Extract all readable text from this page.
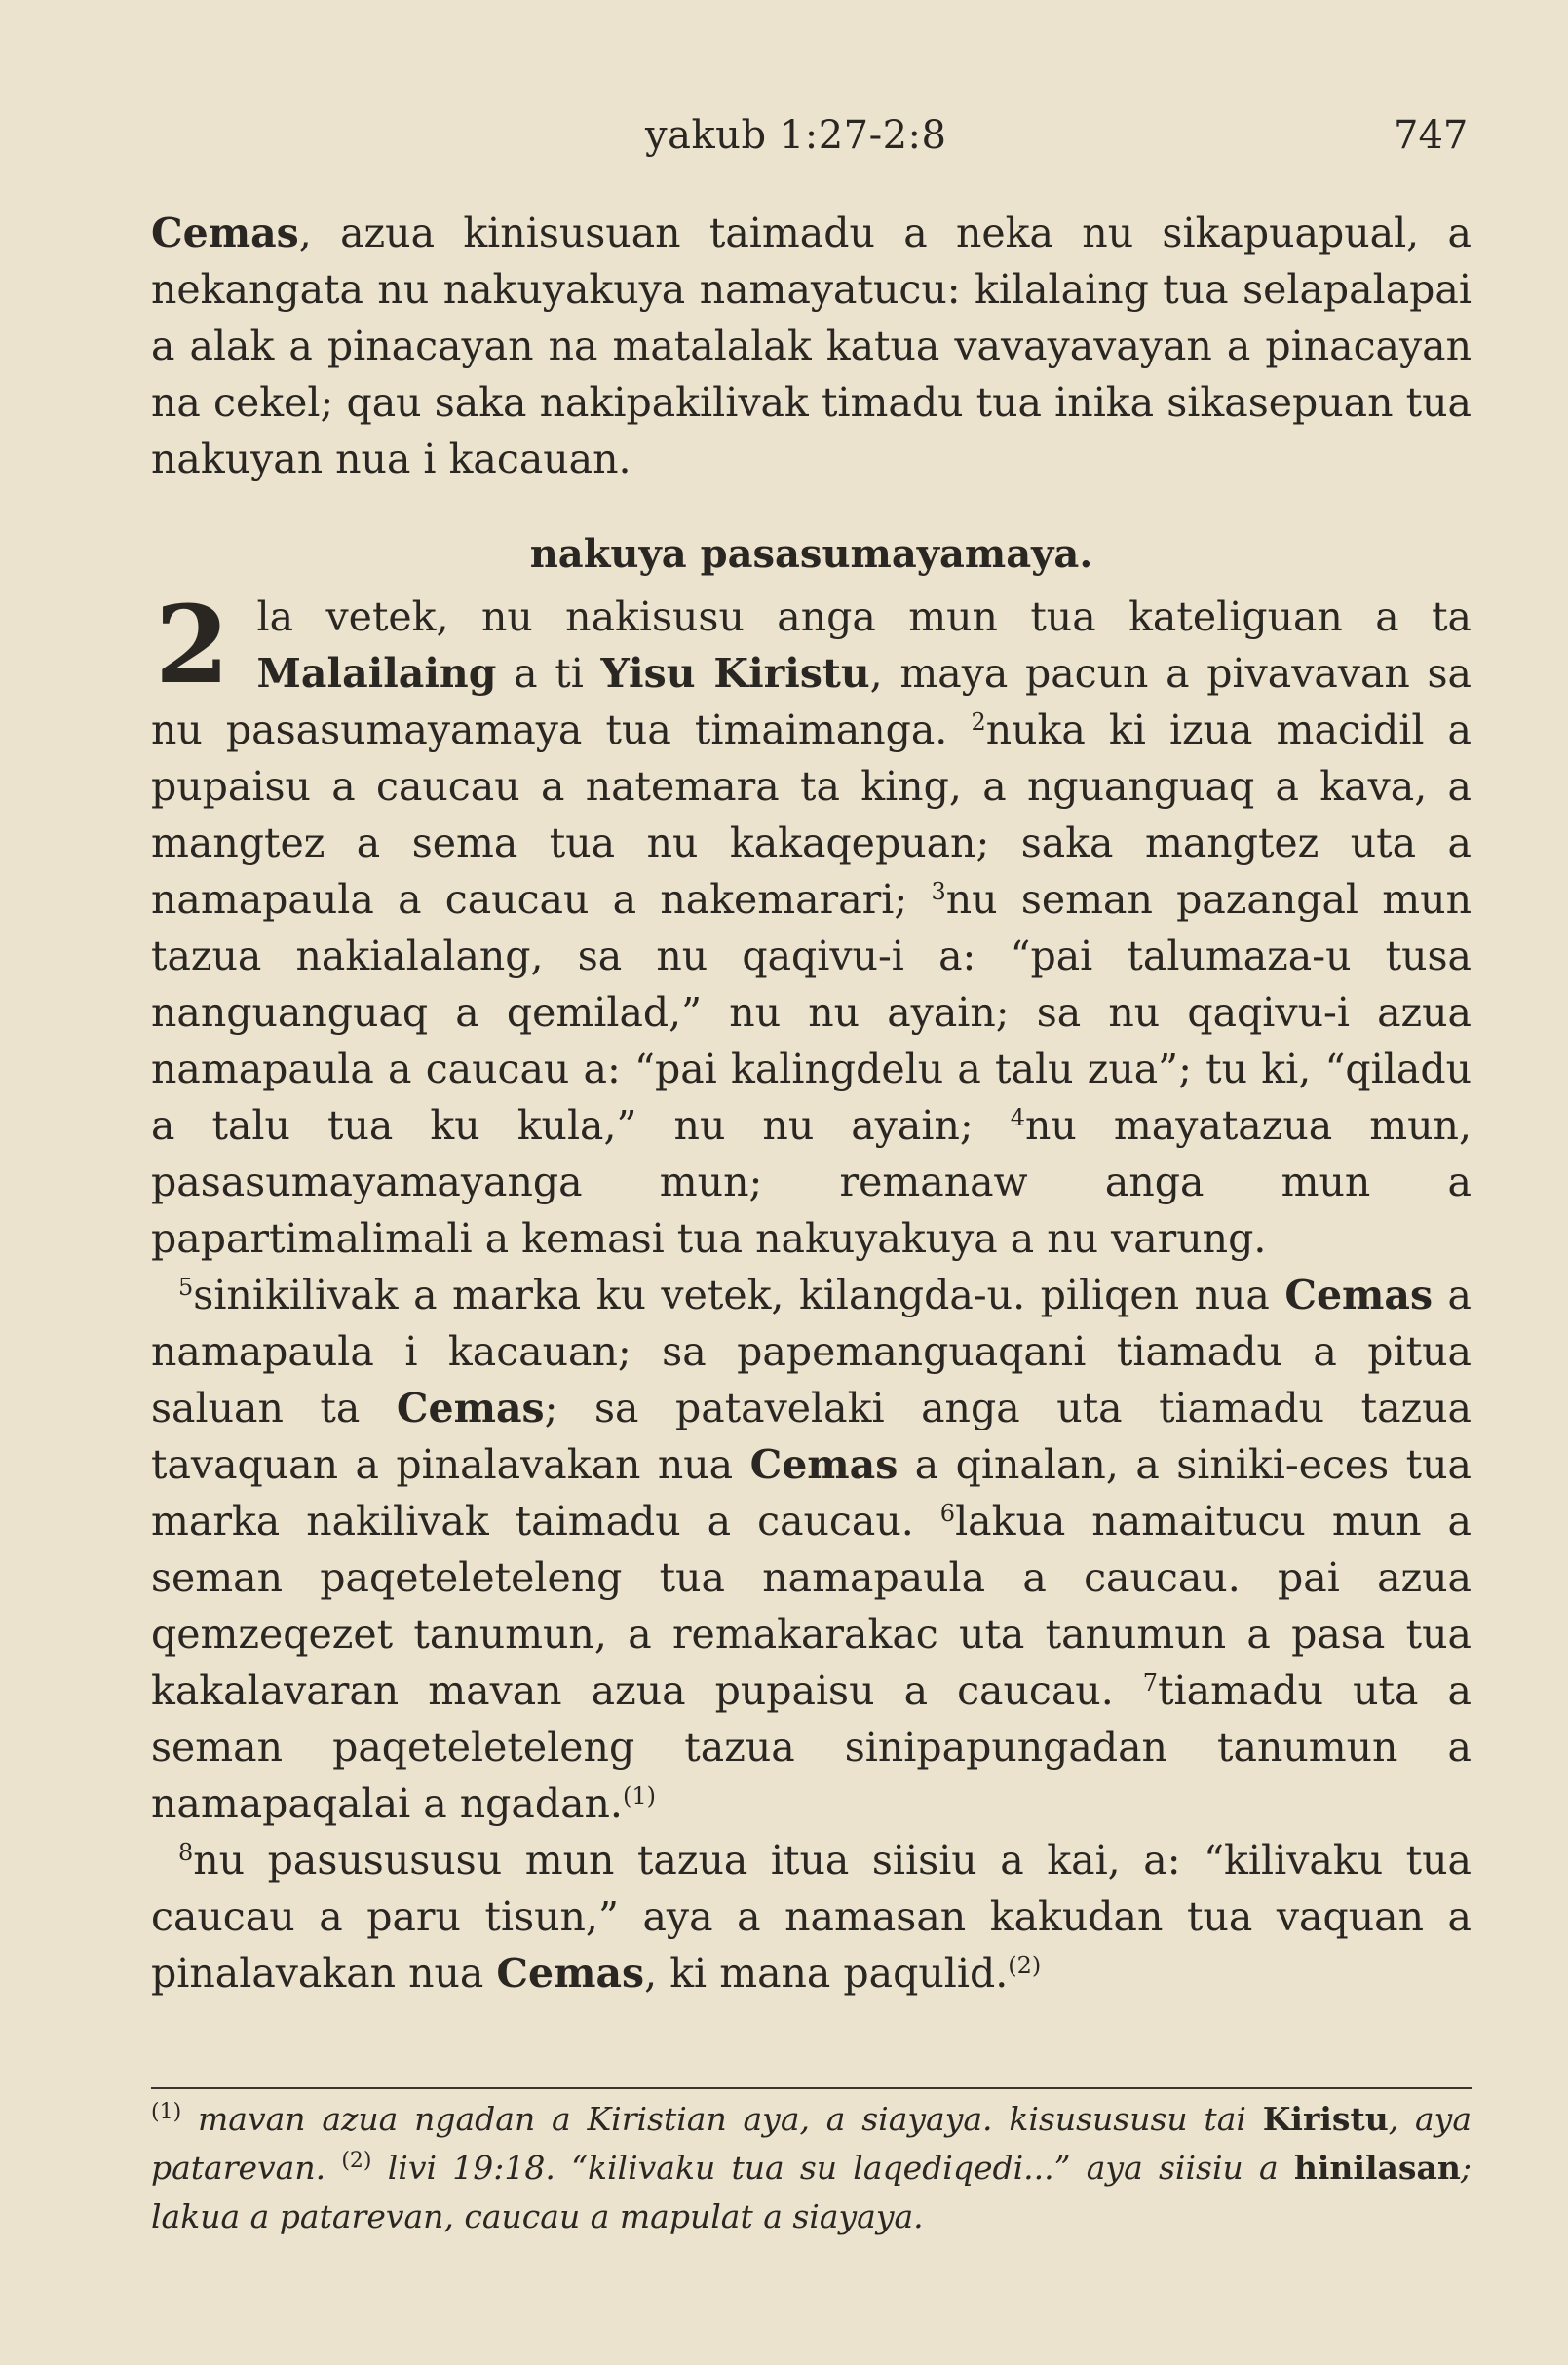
yakub 1:27-2:8	747

Cemas, azua kinisusuan taimadu a neka nu sikapuapual, a nekangata nu nakuyakuya namayatucu: kilalaing tua selapalapai a alak a pinacayan na matalalak katua vavayavayan a pinacayan na cekel; qau saka nakipakilivak timadu tua inika sikasepuan tua nakuyan nua i kacauan.

nakuya pasasumayamaya.

2 la vetek, nu nakisusu anga mun tua kateliguan a ta Malailaing a ti Yisu Kiristu, maya pacun a pivavavan sa nu pasasumayamaya tua timaimanga. $^2$nuka ki izua macidil a pupaisu a caucau a natemara ta king, a nguanguaq a kava, a mangtez a sema tua nu kakaqepuan; saka mangtez uta a namapaula a caucau a nakemarari; $^3$nu seman pazangal mun tazua nakialalang, sa nu qaqivu-i a: “pai talumaza-u tusa nanguanguaq a qemilad,” nu nu ayain; sa nu qaqivu-i azua namapaula a caucau a: “pai kalingdelu a talu zua”; tu ki, “qiladu a talu tua ku kula,” nu nu ayain; $^4$nu mayatazua mun, pasasumayamayanga mun; remanaw anga mun a papartimalimali a kemasi tua nakuyakuya a nu varung.

$^5$sinikilivak a marka ku vetek, kilangda-u. piliqen nua Cemas a namapaula i kacauan; sa papemanguaqani tiamadu a pitua saluan ta Cemas; sa patavelaki anga uta tiamadu tazua tavaquan a pinalavakan nua Cemas a qinalan, a siniki-eces tua marka nakilivak taimadu a caucau. $^6$lakua namaitucu mun a seman paqeteleteleng tua namapaula a caucau. pai azua qemzeqezet tanumun, a remakarakac uta tanumun a pasa tua kakalavaran mavan azua pupaisu a caucau. $^7$tiamadu uta a seman paqeteleteleng tazua sinipapungadan tanumun a namapaqalai a ngadan.$^{(1)}$

$^8$nu pasusususu mun tazua itua siisiu a kai, a: “kilivaku tua caucau a paru tisun,” aya a namasan kakudan tua vaquan a pinalavakan nua Cemas, ki mana paqulid.$^{(2)}$

$^{(1)}$ mavan azua ngadan a Kiristian aya, a siayaya. kisusususu tai Kiristu, aya patarevan. $^{(2)}$ livi 19:18. “kilivaku tua su laqediqedi...” aya siisiu a hinilasan; lakua a patarevan, caucau a mapulat a siayaya.
